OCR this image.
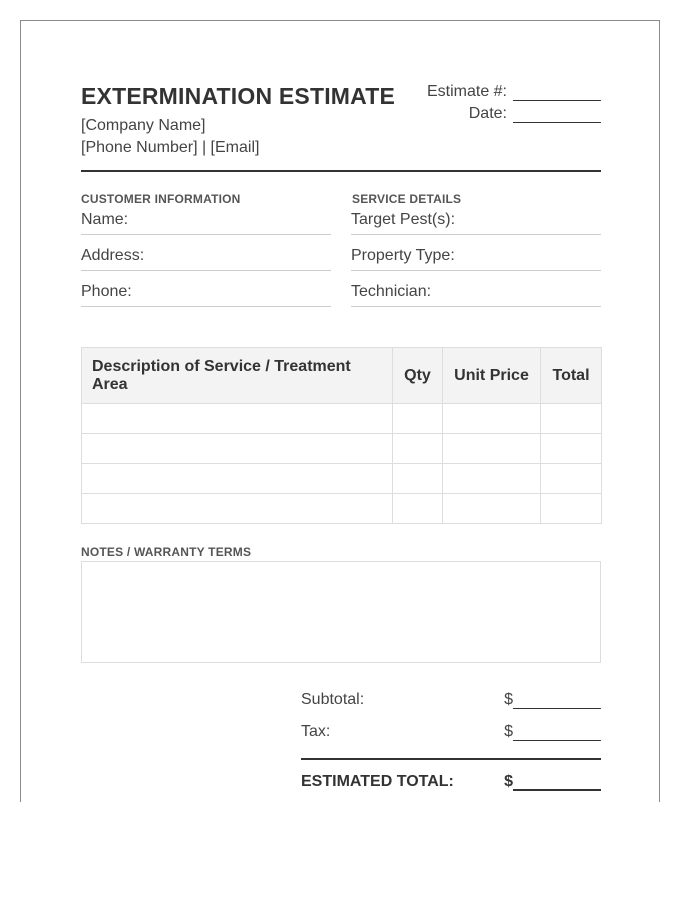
EXTERMINATION ESTIMATE
[Company Name]
[Phone Number] | [Email]
Estimate #:
Date:
CUSTOMER INFORMATION
Name:
Address:
Phone:
SERVICE DETAILS
Target Pest(s):
Property Type:
Technician:
Description of Service / Treatment Area	Qty	Unit Price	Total

NOTES / WARRANTY TERMS
Subtotal:	$
Tax:	$
ESTIMATED TOTAL:	$
